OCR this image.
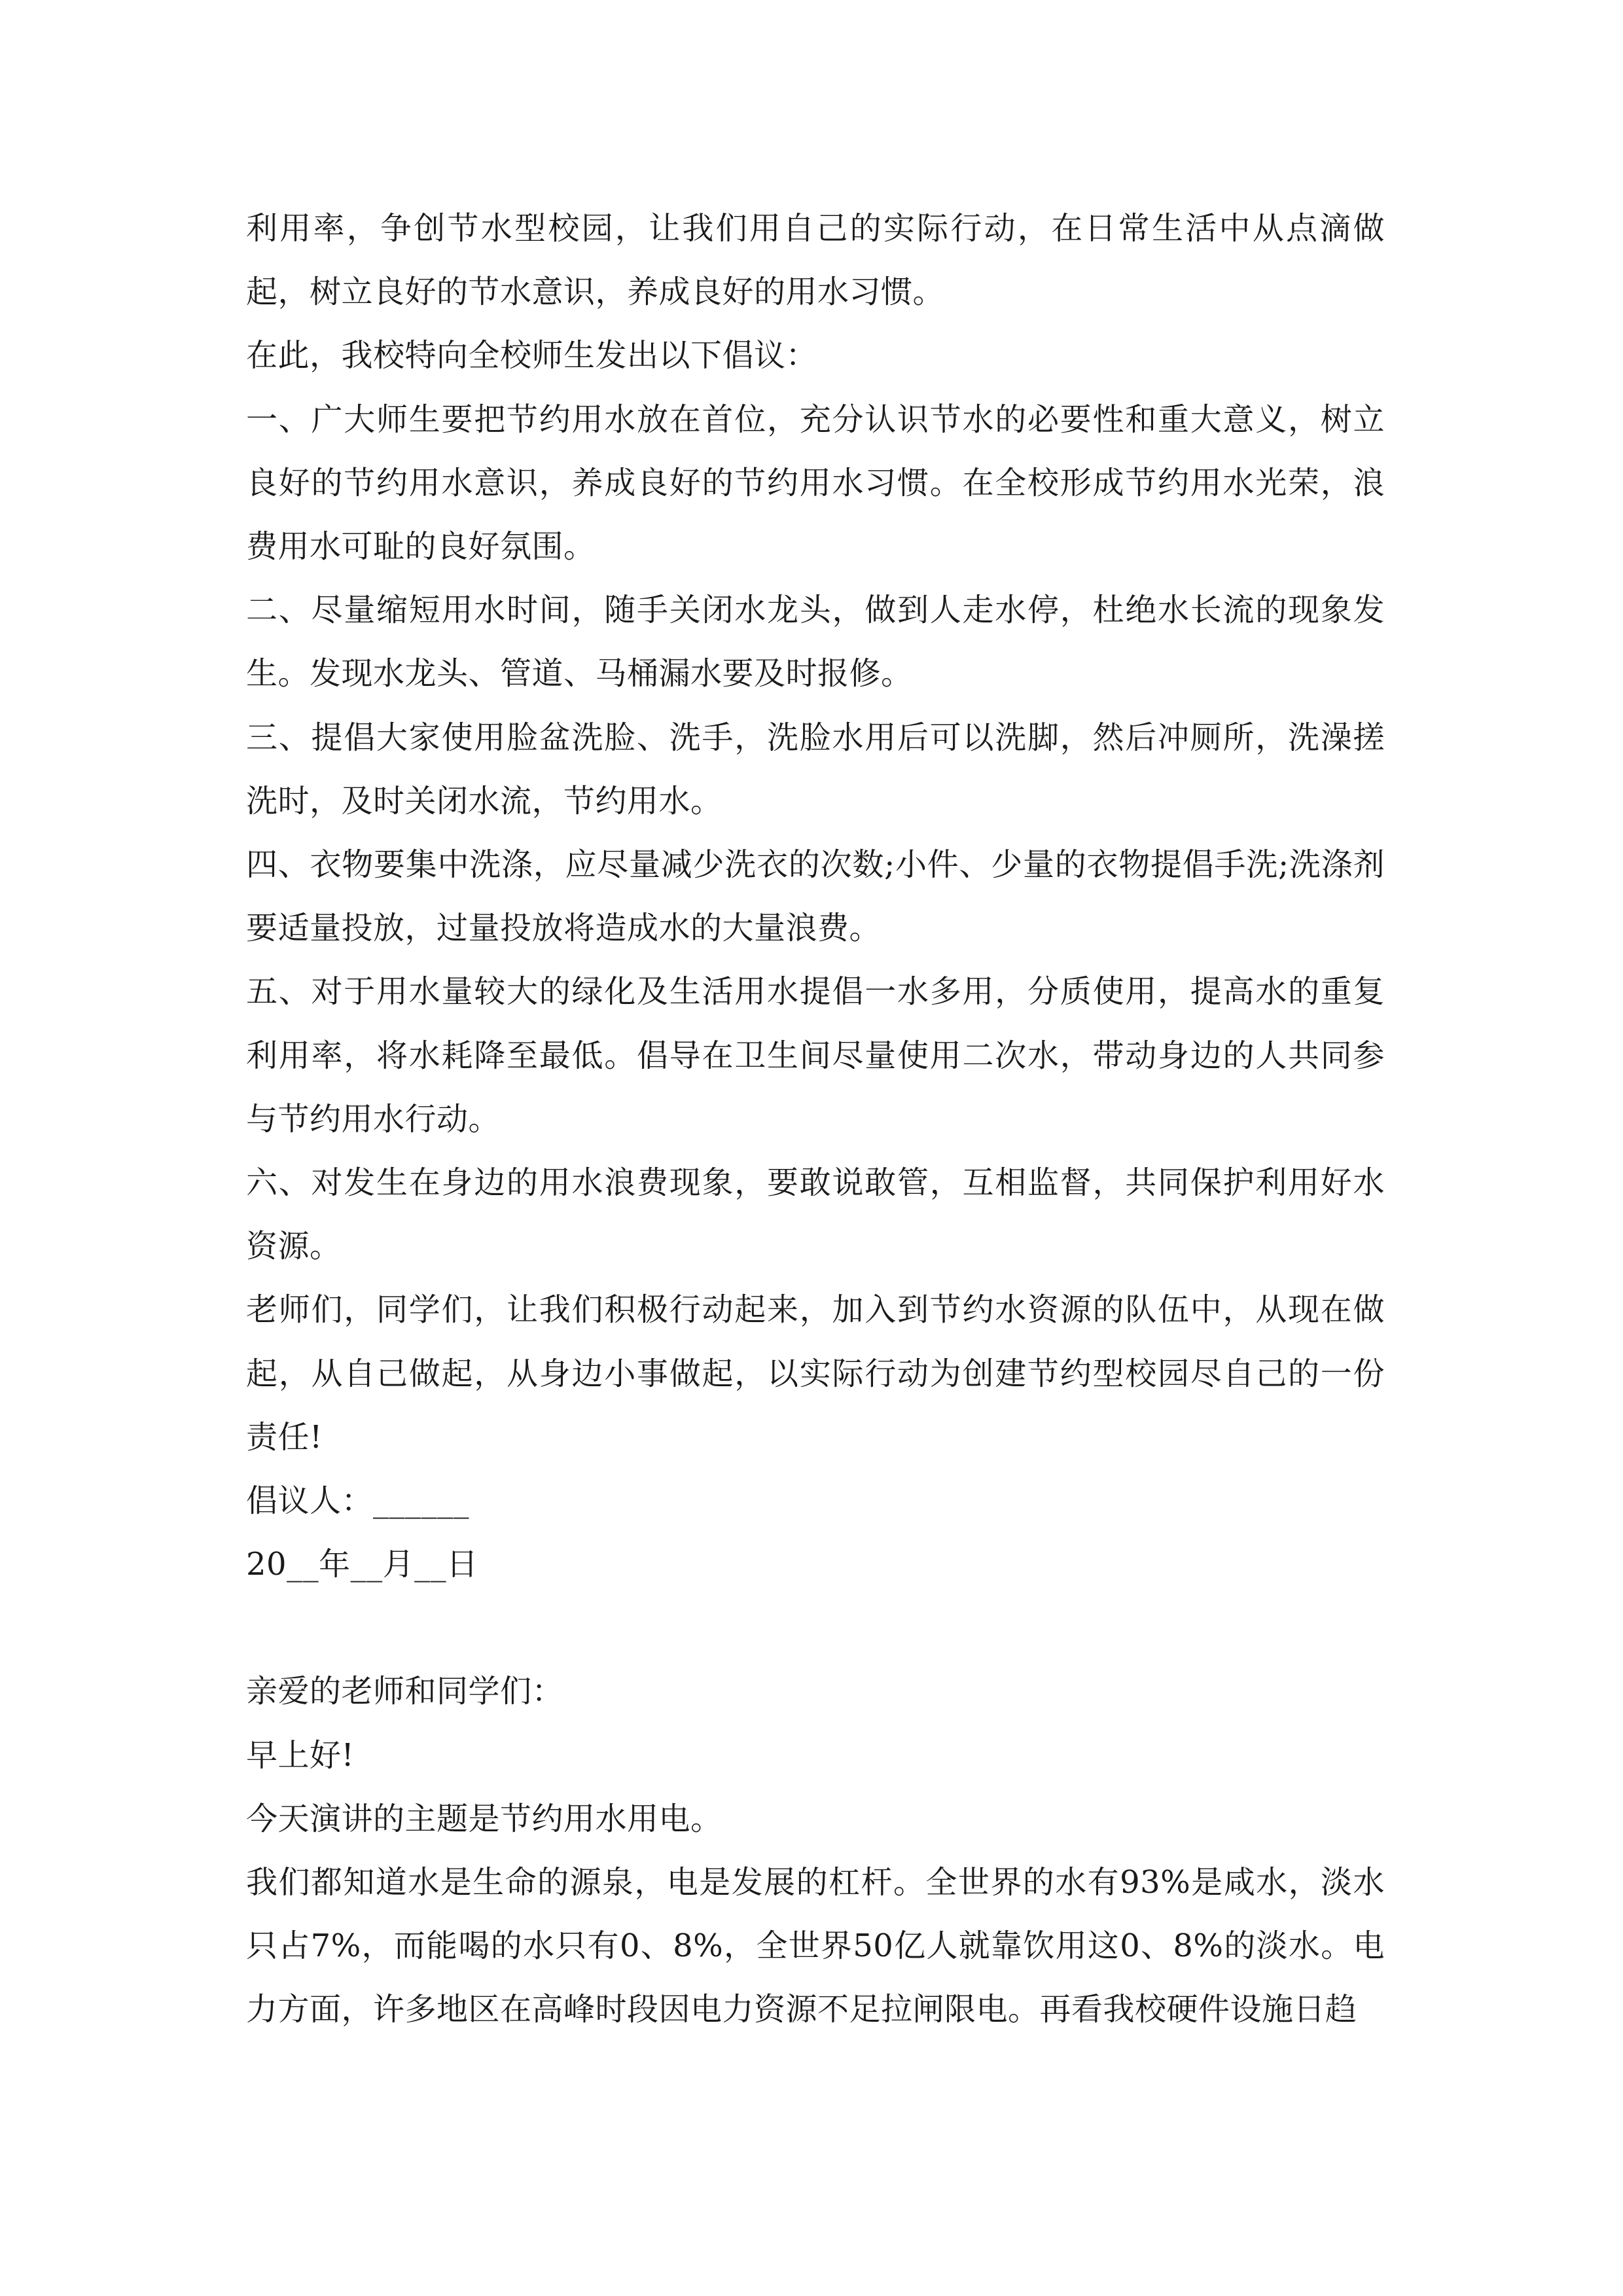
利用率，争创节水型校园，让我们用自己的实际行动，在日常生活中从点滴做起，树立良好的节水意识，养成良好的用水习惯。

在此，我校特向全校师生发出以下倡议：

一、广大师生要把节约用水放在首位，充分认识节水的必要性和重大意义，树立良好的节约用水意识，养成良好的节约用水习惯。在全校形成节约用水光荣，浪费用水可耻的良好氛围。

二、尽量缩短用水时间，随手关闭水龙头，做到人走水停，杜绝水长流的现象发生。发现水龙头、管道、马桶漏水要及时报修。

三、提倡大家使用脸盆洗脸、洗手，洗脸水用后可以洗脚，然后冲厕所，洗澡搓洗时，及时关闭水流，节约用水。

四、衣物要集中洗涤，应尽量减少洗衣的次数;小件、少量的衣物提倡手洗;洗涤剂要适量投放，过量投放将造成水的大量浪费。

五、对于用水量较大的绿化及生活用水提倡一水多用，分质使用，提高水的重复利用率，将水耗降至最低。倡导在卫生间尽量使用二次水，带动身边的人共同参与节约用水行动。

六、对发生在身边的用水浪费现象，要敢说敢管，互相监督，共同保护利用好水资源。

老师们，同学们，让我们积极行动起来，加入到节约水资源的队伍中，从现在做起，从自己做起，从身边小事做起，以实际行动为创建节约型校园尽自己的一份责任!

倡议人：______

20__年__月__日

亲爱的老师和同学们：

早上好!

今天演讲的主题是节约用水用电。

我们都知道水是生命的源泉，电是发展的杠杆。全世界的水有93%是咸水，淡水只占7%，而能喝的水只有0、8%，全世界50亿人就靠饮用这0、8%的淡水。电力方面，许多地区在高峰时段因电力资源不足拉闸限电。再看我校硬件设施日趋
